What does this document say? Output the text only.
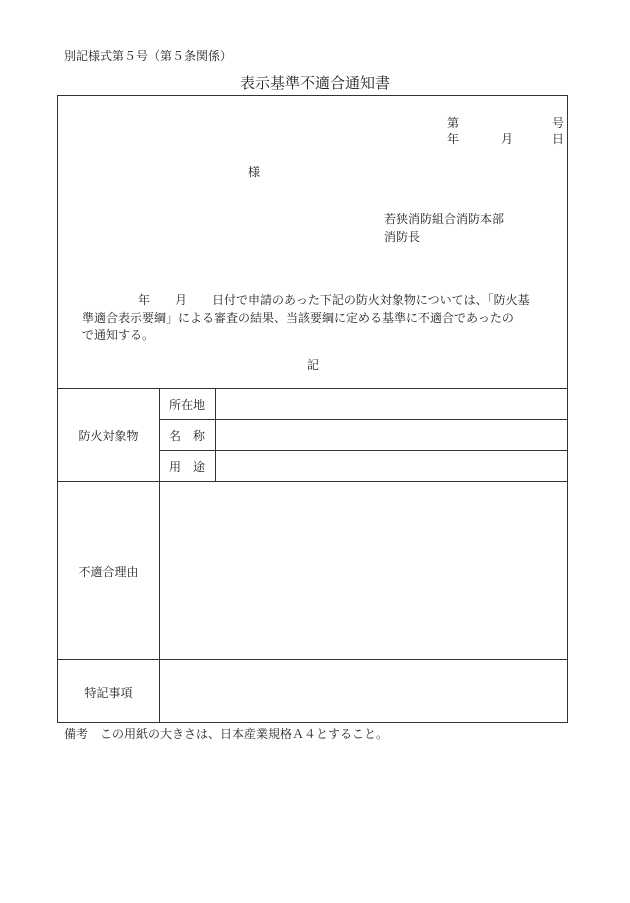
別記様式第５号（第５条関係）
表示基準不適合通知書
第	号
年	月	日
様
若狭消防組合消防本部
消防長
年 月 日付で申請のあった下記の防火対象物については、「防火基
準適合表示要綱」による審査の結果、当該要綱に定める基準に不適合であったの
で通知する。
記
防火対象物
所在地
名　称
用　途
不適合理由
特記事項
備考　この用紙の大きさは、日本産業規格Ａ４とすること。
